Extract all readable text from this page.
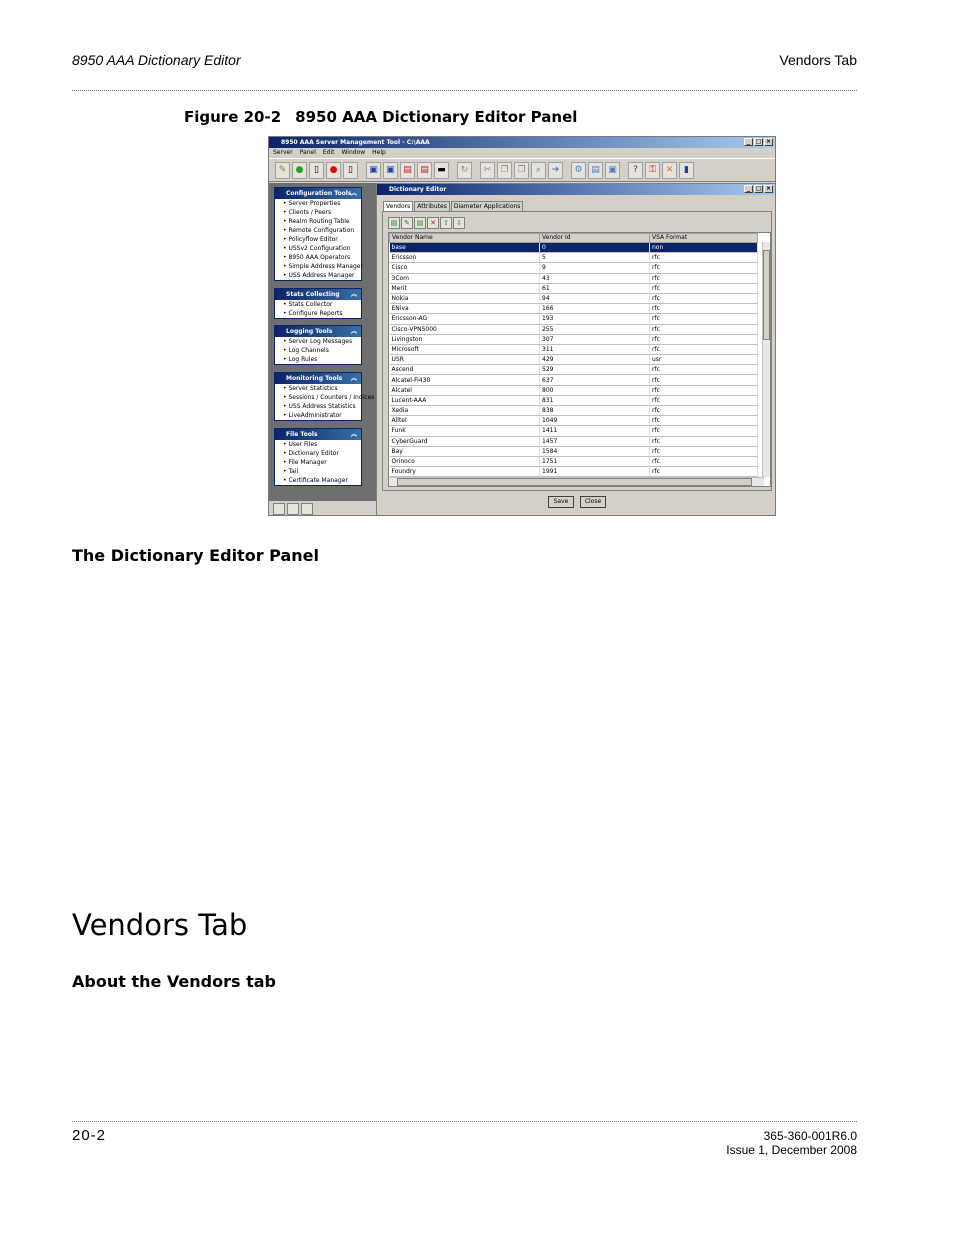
8950 AAA Dictionary Editor	Vendors Tab
Figure 20-2 8950 AAA Dictionary Editor Panel
8950 AAA Server Management Tool - C:\AAA	_ □ ×
Server Panel Edit Window Help
✎	●	▯	●	▯	▣ ▣ ▤ ▤ ▬	↻	✂	❐ ❐	⌕	➜	⚙ ▤ ▣	?	⚿	✕	▮
Configuration Tools ︽
• Server Properties
• Clients / Peers
• Realm Routing Table
• Remote Configuration
• Policyflow Editor
• USSv2 Configuration
• 8950 AAA Operators
• Simple Address Manager
• USS Address Manager
Stats Collecting ︽
• Stats Collector
• Configure Reports
Logging Tools	︽
• Server Log Messages
• Log Channels
• Log Rules
Monitoring Tools ︽
• Server Statistics
• Sessions / Counters / Indices
• USS Address Statistics
• LiveAdministrator
File Tools	︽
• User Files
• Dictionary Editor
• File Manager
• Tail
• Certificate Manager
Dictionary Editor	_ □ ×
Vendors	Attributes	Diameter Applications
▤ ✎ ▤ ✕	⇧	⇩
Vendor Name	Vendor Id	VSA Format
base	0	non
Ericsson	5	rfc
Cisco	9	rfc
3Com	43	rfc
Merit	61	rfc
Nokia	94	rfc
ENiva	166	rfc
Ericsson-AG	193	rfc
Cisco-VPN5000	255	rfc
Livingston	307	rfc
Microsoft	311	rfc
USR	429	usr
Ascend	529	rfc
Alcatel-Fi430	637	rfc
Alcatel	800	rfc
Lucent-AAA	831	rfc
Xedia	838	rfc
Alltel	1049	rfc
Funk	1411	rfc
CyberGuard	1457	rfc
Bay	1584	rfc
Orinoco	1751	rfc
Foundry	1991	rfc
Save	Close
The Dictionary Editor Panel
Vendors Tab
About the Vendors tab
20-2	365-360-001R6.0
Issue 1, December 2008
